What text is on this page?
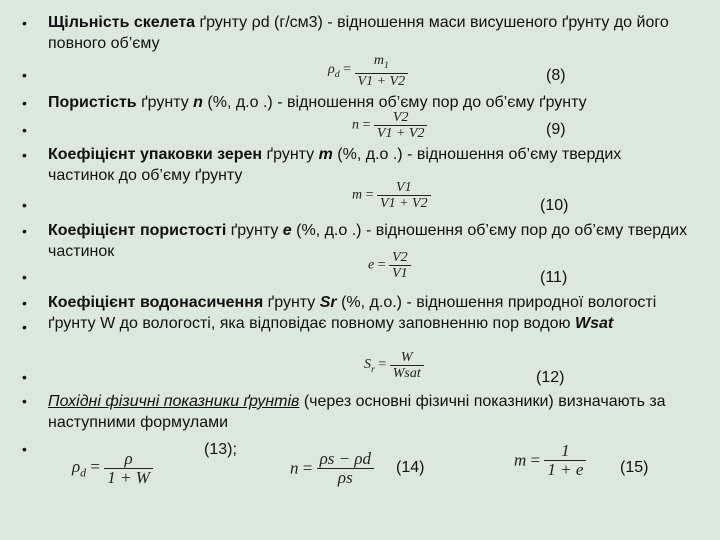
•
•
•
•
•
•
•
•
•
•
•
•
•
Щільність скелета ґрунту ρd (г/см3) - відношення маси висушеного ґрунту до його повного об’єму
$\rho_d = \frac{m_1}{V1 + V2}$	(8)
Пористість ґрунту n (%, д.о .) - відношення об’єму пор до об’єму ґрунту
$n = \frac{V2}{V1 + V2}$	(9)
Коефіцієнт упаковки зерен ґрунту m (%, д.о .) - відношення об’єму твердих частинок до об’єму ґрунту
$m = \frac{V1}{V1 + V2}$	(10)
Коефіцієнт пористості ґрунту e (%, д.о .) - відношення об’єму пор до об’єму твердих частинок
$e = \frac{V2}{V1}$	(11)
Коефіцієнт водонасичення ґрунту Sr (%, д.о.) - відношення природної вологості ґрунту W до вологості, яка відповідає повному заповненню пор водою Wsat
$S_r = \frac{W}{\text{Wsat}}$	(12)
Похідні фізичні показники ґрунтів (через основні фізичні показники) визначають за наступними формулами
(13);
$\rho_d = \frac{\rho}{1 + W}$	$n = \frac{\rho s - \rho d}{\rho s} (14)$	$m = \frac{1}{1 + e} (15)$
